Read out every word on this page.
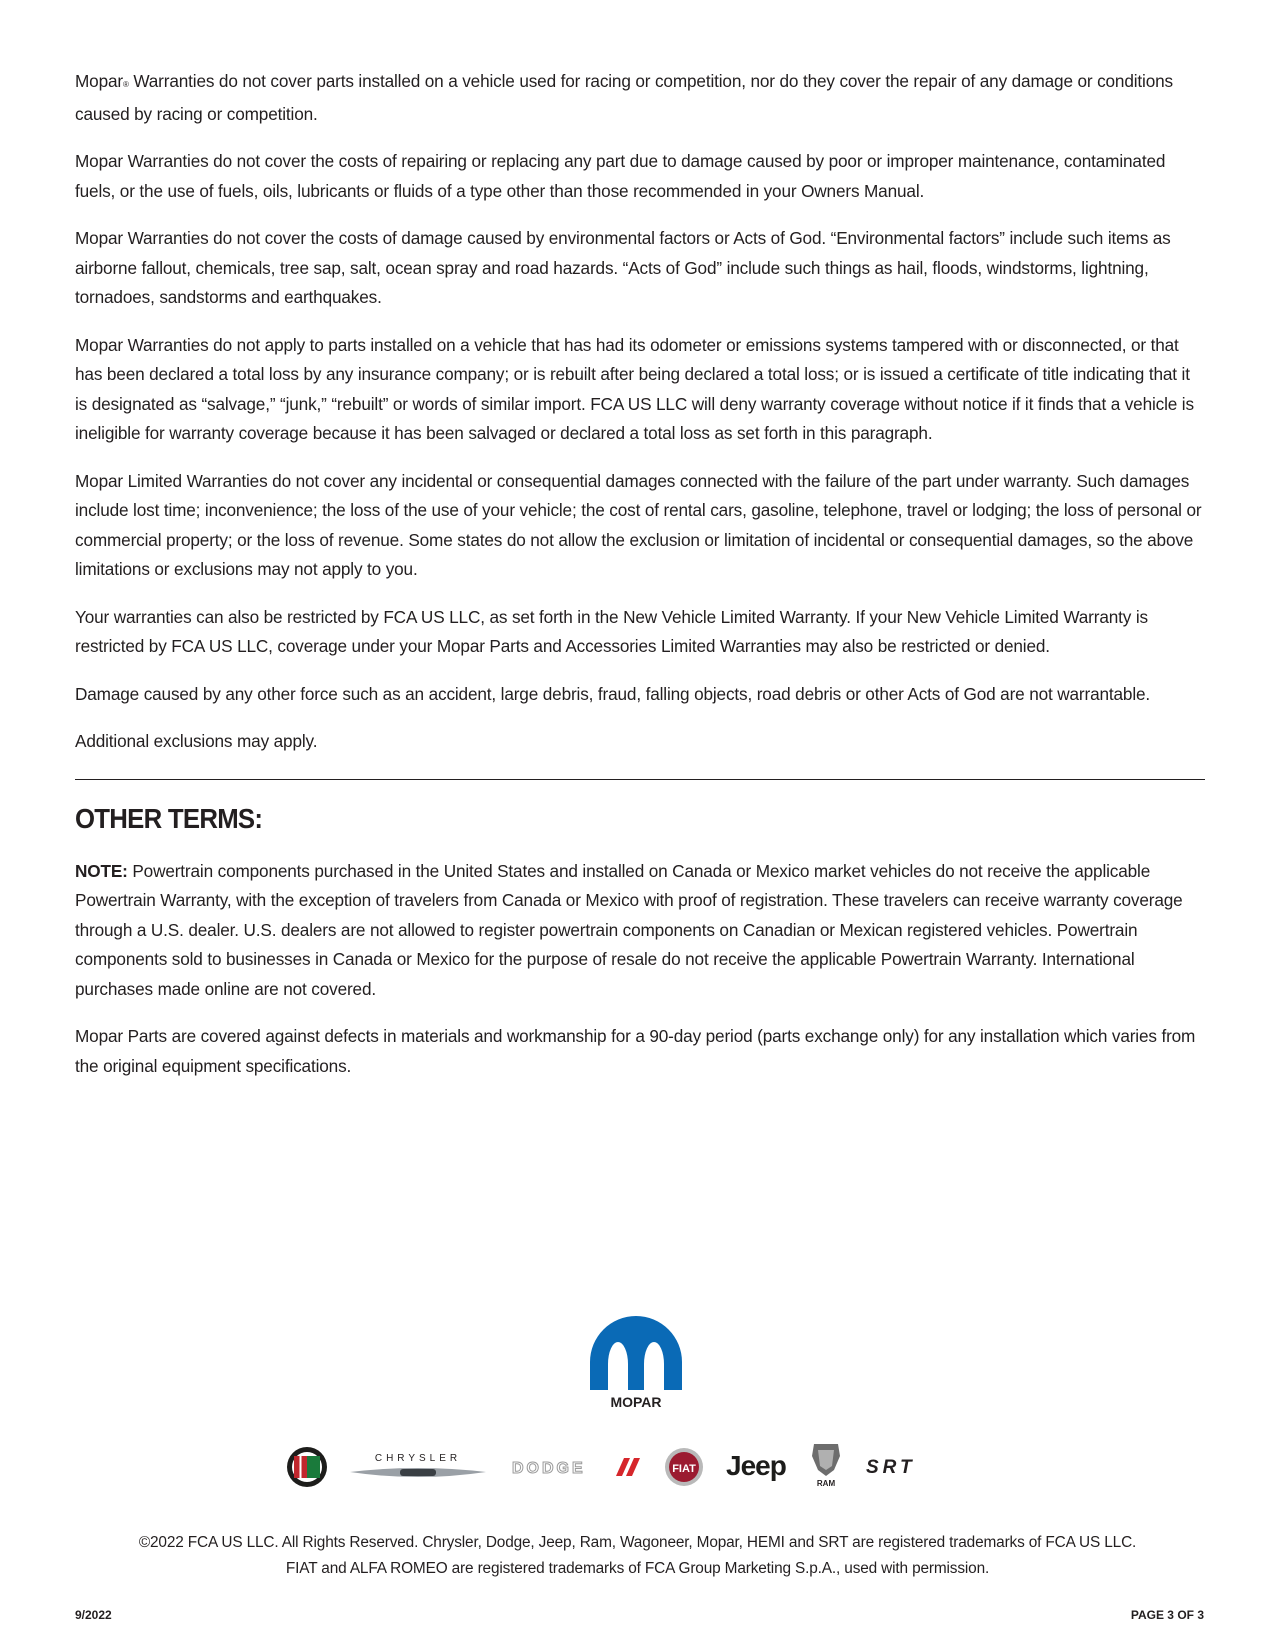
Mopar® Warranties do not cover parts installed on a vehicle used for racing or competition, nor do they cover the repair of any damage or conditions caused by racing or competition.

Mopar Warranties do not cover the costs of repairing or replacing any part due to damage caused by poor or improper maintenance, contaminated fuels, or the use of fuels, oils, lubricants or fluids of a type other than those recommended in your Owners Manual.

Mopar Warranties do not cover the costs of damage caused by environmental factors or Acts of God. “Environmental factors” include such items as airborne fallout, chemicals, tree sap, salt, ocean spray and road hazards. “Acts of God” include such things as hail, floods, windstorms, lightning, tornadoes, sandstorms and earthquakes.

Mopar Warranties do not apply to parts installed on a vehicle that has had its odometer or emissions systems tampered with or disconnected, or that has been declared a total loss by any insurance company; or is rebuilt after being declared a total loss; or is issued a certificate of title indicating that it is designated as “salvage,” “junk,” “rebuilt” or words of similar import. FCA US LLC will deny warranty coverage without notice if it finds that a vehicle is ineligible for warranty coverage because it has been salvaged or declared a total loss as set forth in this paragraph.

Mopar Limited Warranties do not cover any incidental or consequential damages connected with the failure of the part under warranty. Such damages include lost time; inconvenience; the loss of the use of your vehicle; the cost of rental cars, gasoline, telephone, travel or lodging; the loss of personal or commercial property; or the loss of revenue. Some states do not allow the exclusion or limitation of incidental or consequential damages, so the above limitations or exclusions may not apply to you.

Your warranties can also be restricted by FCA US LLC, as set forth in the New Vehicle Limited Warranty. If your New Vehicle Limited Warranty is restricted by FCA US LLC, coverage under your Mopar Parts and Accessories Limited Warranties may also be restricted or denied.

Damage caused by any other force such as an accident, large debris, fraud, falling objects, road debris or other Acts of God are not warrantable.

Additional exclusions may apply.

OTHER TERMS:

NOTE: Powertrain components purchased in the United States and installed on Canada or Mexico market vehicles do not receive the applicable Powertrain Warranty, with the exception of travelers from Canada or Mexico with proof of registration. These travelers can receive warranty coverage through a U.S. dealer. U.S. dealers are not allowed to register powertrain components on Canadian or Mexican registered vehicles. Powertrain components sold to businesses in Canada or Mexico for the purpose of resale do not receive the applicable Powertrain Warranty. International purchases made online are not covered.

Mopar Parts are covered against defects in materials and workmanship for a 90-day period (parts exchange only) for any installation which varies from the original equipment specifications.

MOPAR
CHRYSLER
DODGE	FIAT Jeep
RAM
SRT
©2022 FCA US LLC. All Rights Reserved. Chrysler, Dodge, Jeep, Ram, Wagoneer, Mopar, HEMI and SRT are registered trademarks of FCA US LLC.
FIAT and ALFA ROMEO are registered trademarks of FCA Group Marketing S.p.A., used with permission.
9/2022	PAGE 3 OF 3
